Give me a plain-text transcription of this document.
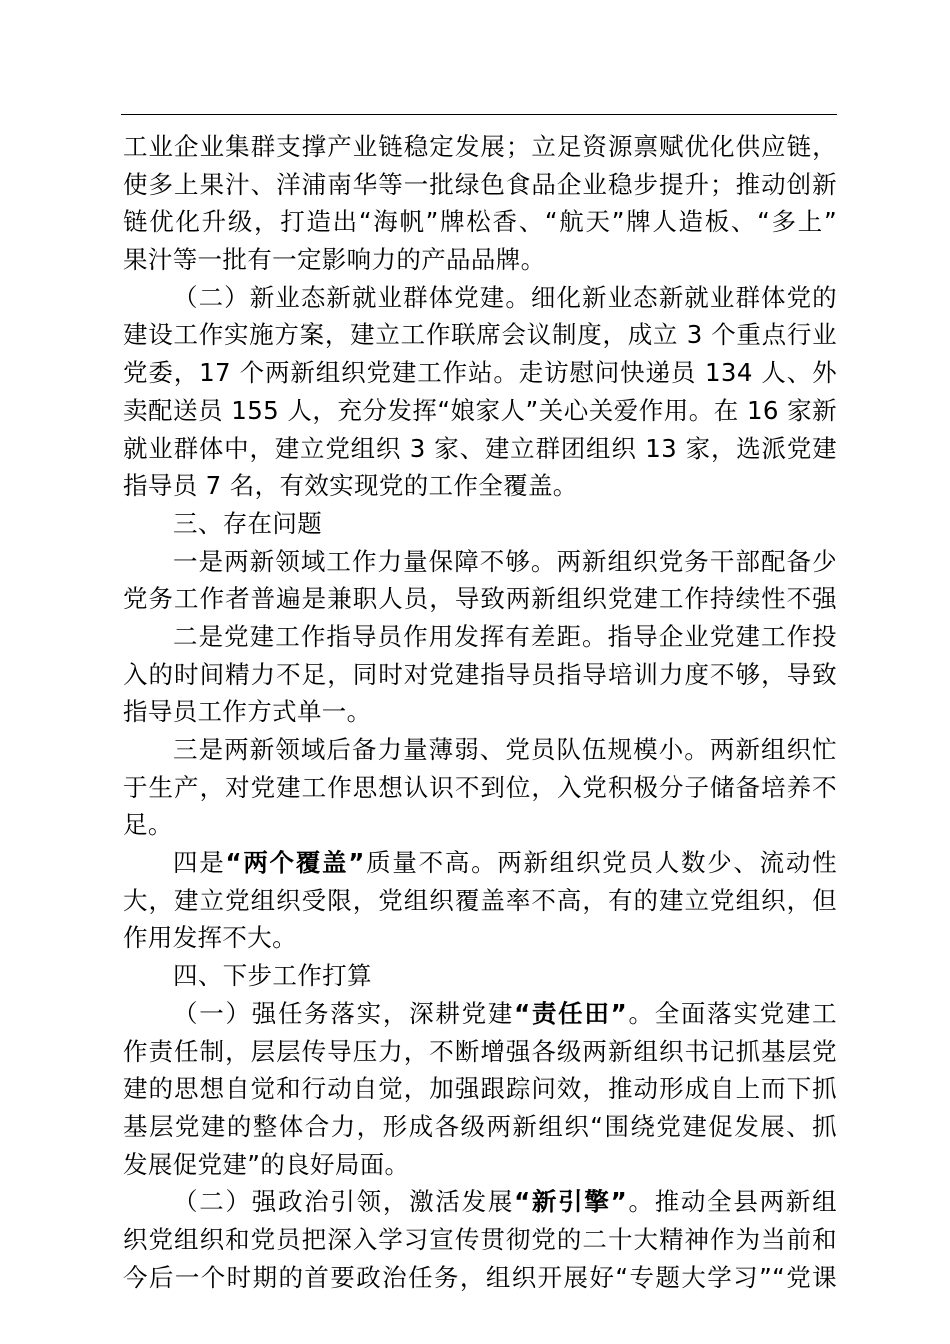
工业企业集群支撑产业链稳定发展；立足资源禀赋优化供应链，
使多上果汁、洋浦南华等一批绿色食品企业稳步提升；推动创新
链优化升级，打造出“海帆”牌松香、“航天”牌人造板、“多上”
果汁等一批有一定影响力的产品品牌。
（二）新业态新就业群体党建。细化新业态新就业群体党的
建设工作实施方案，建立工作联席会议制度，成立 3 个重点行业
党委，17 个两新组织党建工作站。走访慰问快递员 134 人、外
卖配送员 155 人，充分发挥“娘家人”关心关爱作用。在 16 家新
就业群体中，建立党组织 3 家、建立群团组织 13 家，选派党建
指导员 7 名，有效实现党的工作全覆盖。
三、存在问题
一是两新领域工作力量保障不够。两新组织党务干部配备少
党务工作者普遍是兼职人员，导致两新组织党建工作持续性不强
二是党建工作指导员作用发挥有差距。指导企业党建工作投
入的时间精力不足，同时对党建指导员指导培训力度不够，导致
指导员工作方式单一。
三是两新领域后备力量薄弱、党员队伍规模小。两新组织忙
于生产，对党建工作思想认识不到位，入党积极分子储备培养不
足。
四是“两个覆盖”质量不高。两新组织党员人数少、流动性
大，建立党组织受限，党组织覆盖率不高，有的建立党组织，但
作用发挥不大。
四、下步工作打算
（一）强任务落实，深耕党建“责任田”。全面落实党建工
作责任制，层层传导压力，不断增强各级两新组织书记抓基层党
建的思想自觉和行动自觉，加强跟踪问效，推动形成自上而下抓
基层党建的整体合力，形成各级两新组织“围绕党建促发展、抓
发展促党建”的良好局面。
（二）强政治引领，激活发展“新引擎”。推动全县两新组
织党组织和党员把深入学习宣传贯彻党的二十大精神作为当前和
今后一个时期的首要政治任务，组织开展好“专题大学习”“党课
